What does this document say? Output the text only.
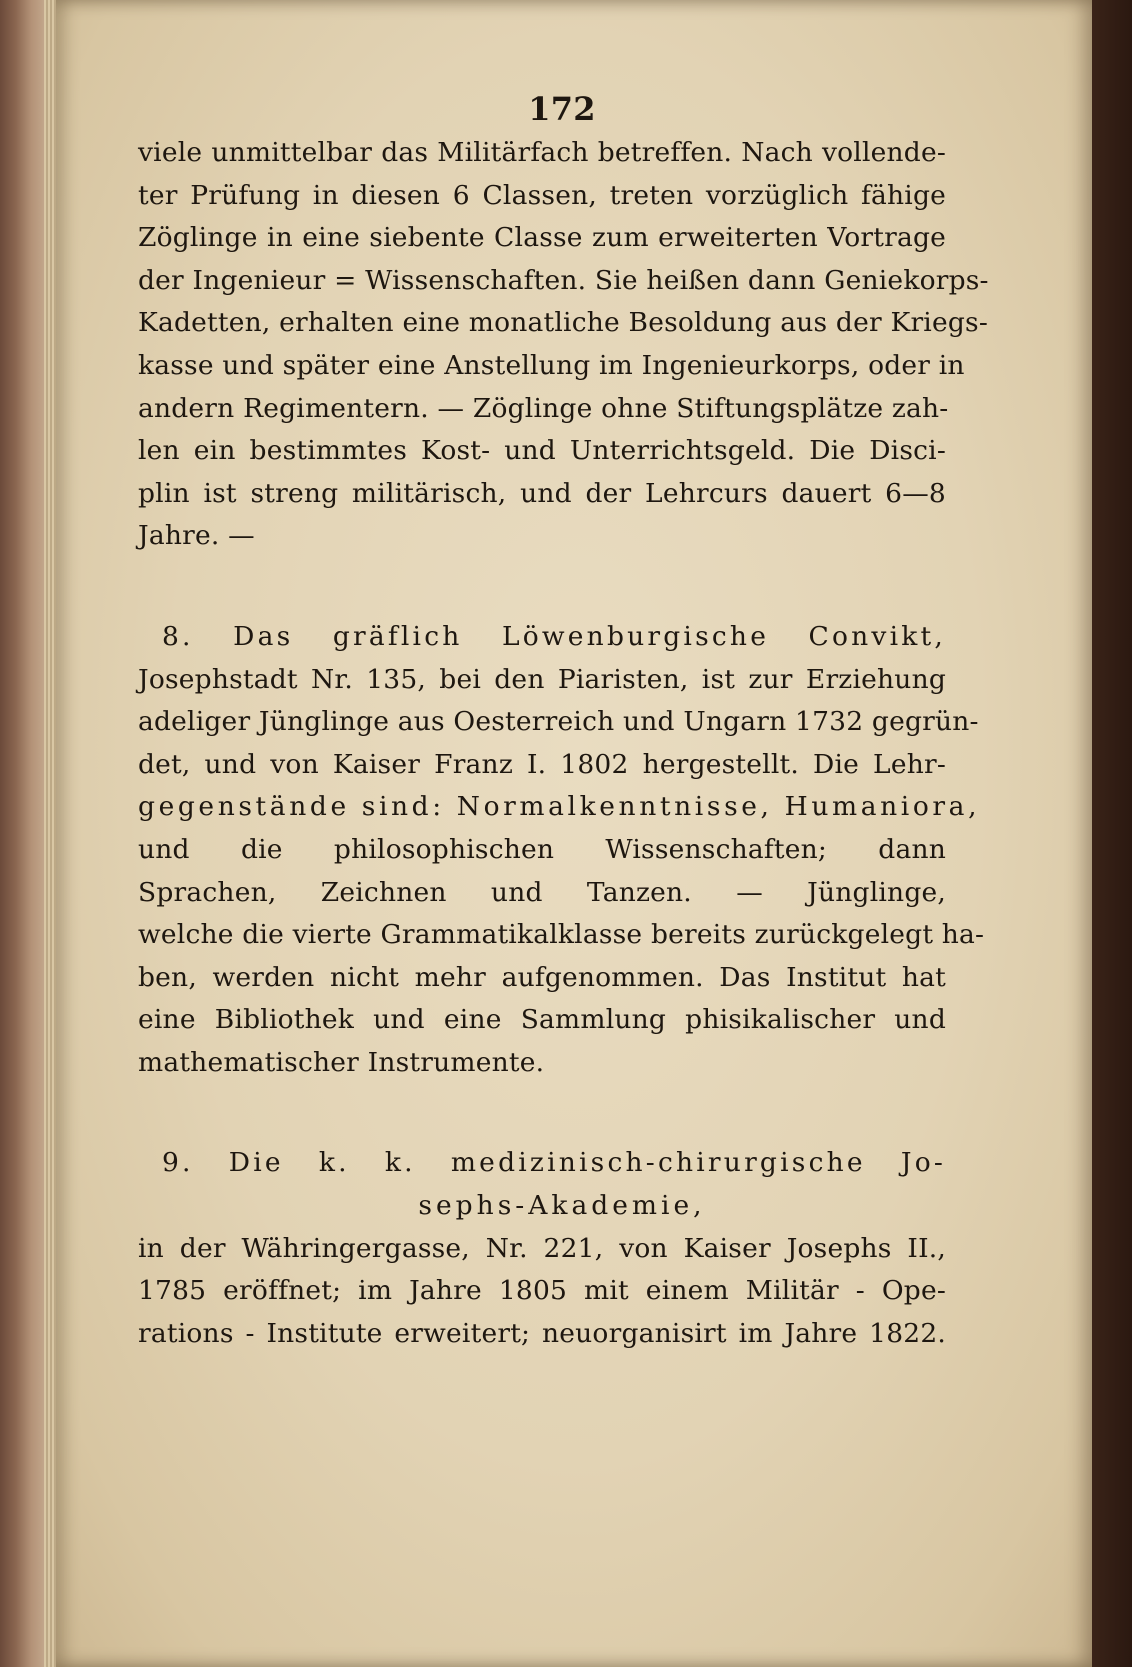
172
viele unmittelbar das Militärfach betreffen. Nach vollende-
ter Prüfung in diesen 6 Classen, treten vorzüglich fähige
Zöglinge in eine siebente Classe zum erweiterten Vortrage
der Ingenieur = Wissenschaften. Sie heißen dann Geniekorps-
Kadetten, erhalten eine monatliche Besoldung aus der Kriegs-
kasse und später eine Anstellung im Ingenieurkorps, oder in
andern Regimentern. — Zöglinge ohne Stiftungsplätze zah-
len ein bestimmtes Kost- und Unterrichtsgeld. Die Disci-
plin ist streng militärisch, und der Lehrcurs dauert 6—8
Jahre. —
8. Das gräflich Löwenburgische Convikt,
Josephstadt Nr. 135, bei den Piaristen, ist zur Erziehung
adeliger Jünglinge aus Oesterreich und Ungarn 1732 gegrün-
det, und von Kaiser Franz I. 1802 hergestellt. Die Lehr-
gegenstände sind: Normalkenntnisse, Humaniora,
und die philosophischen Wissenschaften; dann
Sprachen, Zeichnen und Tanzen. — Jünglinge,
welche die vierte Grammatikalklasse bereits zurückgelegt ha-
ben, werden nicht mehr aufgenommen. Das Institut hat
eine Bibliothek und eine Sammlung phisikalischer und
mathematischer Instrumente.
9. Die k. k. medizinisch-chirurgische Jo-
sephs-Akademie,
in der Währingergasse, Nr. 221, von Kaiser Josephs II.,
1785 eröffnet; im Jahre 1805 mit einem Militär - Ope-
rations - Institute erweitert; neuorganisirt im Jahre 1822.
